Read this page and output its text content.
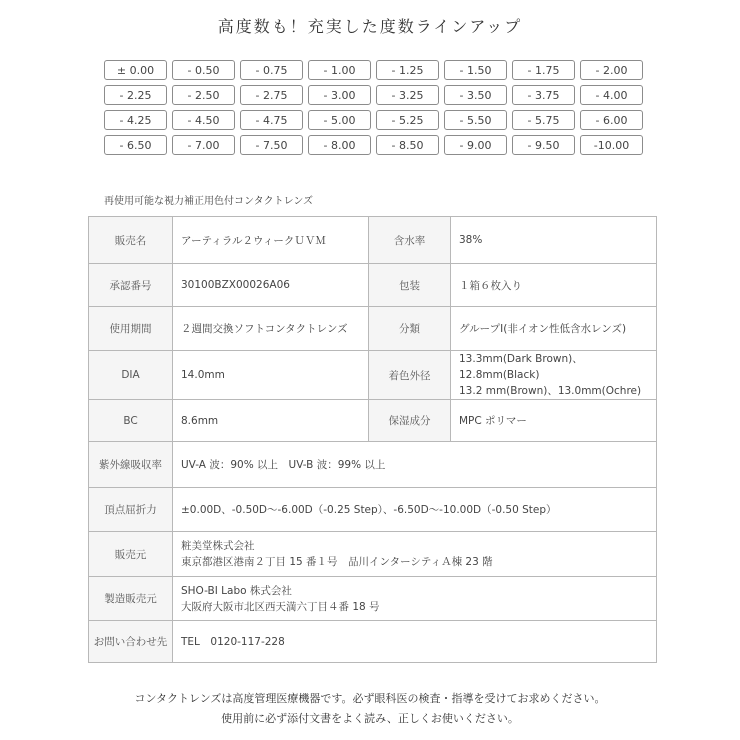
高度数も！充実した度数ラインアップ
± 0.00	- 0.50	- 0.75	- 1.00	- 1.25	- 1.50	- 1.75	- 2.00
- 2.25	- 2.50	- 2.75	- 3.00	- 3.25	- 3.50	- 3.75	- 4.00
- 4.25	- 4.50	- 4.75	- 5.00	- 5.25	- 5.50	- 5.75	- 6.00
- 6.50	- 7.00	- 7.50	- 8.00	- 8.50	- 9.00	- 9.50	-10.00
再使用可能な視力補正用色付コンタクトレンズ
販売名	アーティラル２ウィークＵＶＭ	含水率	38%
承認番号	30100BZX00026A06	包装	１箱６枚入り
使用期間	２週間交換ソフトコンタクトレンズ	分類	グループⅠ(非イオン性低含水レンズ)
DIA	14.0mm	着色外径	13.3mm(Dark Brown)、12.8mm(Black)
13.2 mm(Brown)、13.0mm(Ochre)

BC	8.6mm	保湿成分	MPC ポリマー
紫外線吸収率	UV-A 波：90% 以上　UV-B 波：99% 以上		
頂点屈折力	±0.00D、-0.50D～-6.00D（-0.25 Step）、-6.50D～-10.00D（-0.50 Step）		
販売元	粧美堂株式会社
東京都港区港南２丁目 15 番１号　品川インターシティＡ棟 23 階		

製造販売元	SHO-BI Labo 株式会社
大阪府大阪市北区西天満六丁目４番 18 号		

お問い合わせ先	TEL　0120-117-228		
コンタクトレンズは高度管理医療機器です。必ず眼科医の検査・指導を受けてお求めください。
使用前に必ず添付文書をよく読み、正しくお使いください。
